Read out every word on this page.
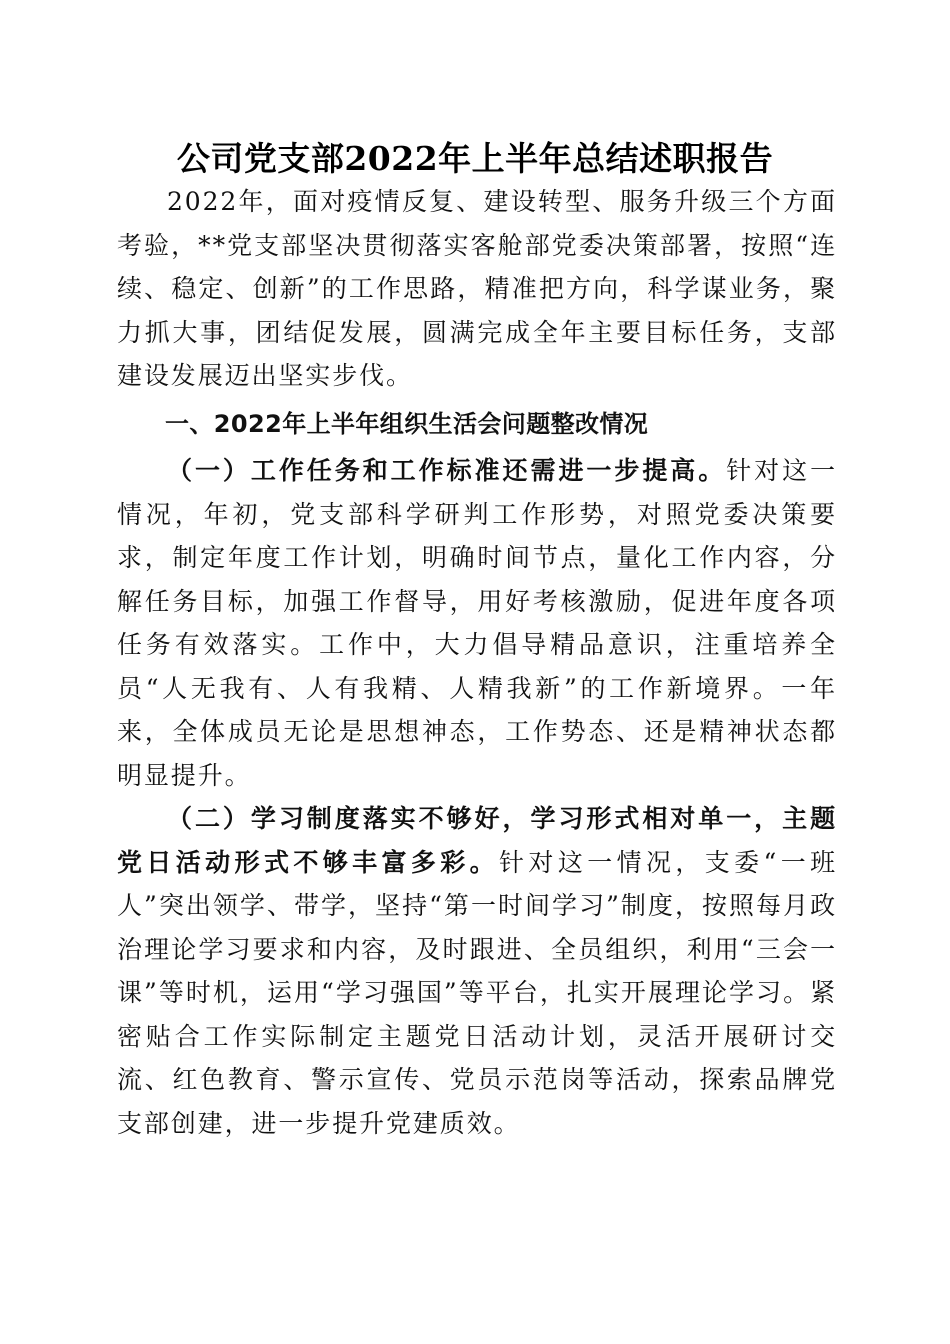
公司党支部2022年上半年总结述职报告

2022年，面对疫情反复、建设转型、服务升级三个方面考验，**党支部坚决贯彻落实客舱部党委决策部署，按照“连续、稳定、创新”的工作思路，精准把方向，科学谋业务，聚力抓大事，团结促发展，圆满完成全年主要目标任务，支部建设发展迈出坚实步伐。

一、2022年上半年组织生活会问题整改情况

（一）工作任务和工作标准还需进一步提高。针对这一情况，年初，党支部科学研判工作形势，对照党委决策要求，制定年度工作计划，明确时间节点，量化工作内容，分解任务目标，加强工作督导，用好考核激励，促进年度各项任务有效落实。工作中，大力倡导精品意识，注重培养全员“人无我有、人有我精、人精我新”的工作新境界。一年来，全体成员无论是思想神态，工作势态、还是精神状态都明显提升。

（二）学习制度落实不够好，学习形式相对单一，主题党日活动形式不够丰富多彩。针对这一情况，支委“一班人”突出领学、带学，坚持“第一时间学习”制度，按照每月政治理论学习要求和内容，及时跟进、全员组织，利用“三会一课”等时机，运用“学习强国”等平台，扎实开展理论学习。紧密贴合工作实际制定主题党日活动计划，灵活开展研讨交流、红色教育、警示宣传、党员示范岗等活动，探索品牌党支部创建，进一步提升党建质效。
